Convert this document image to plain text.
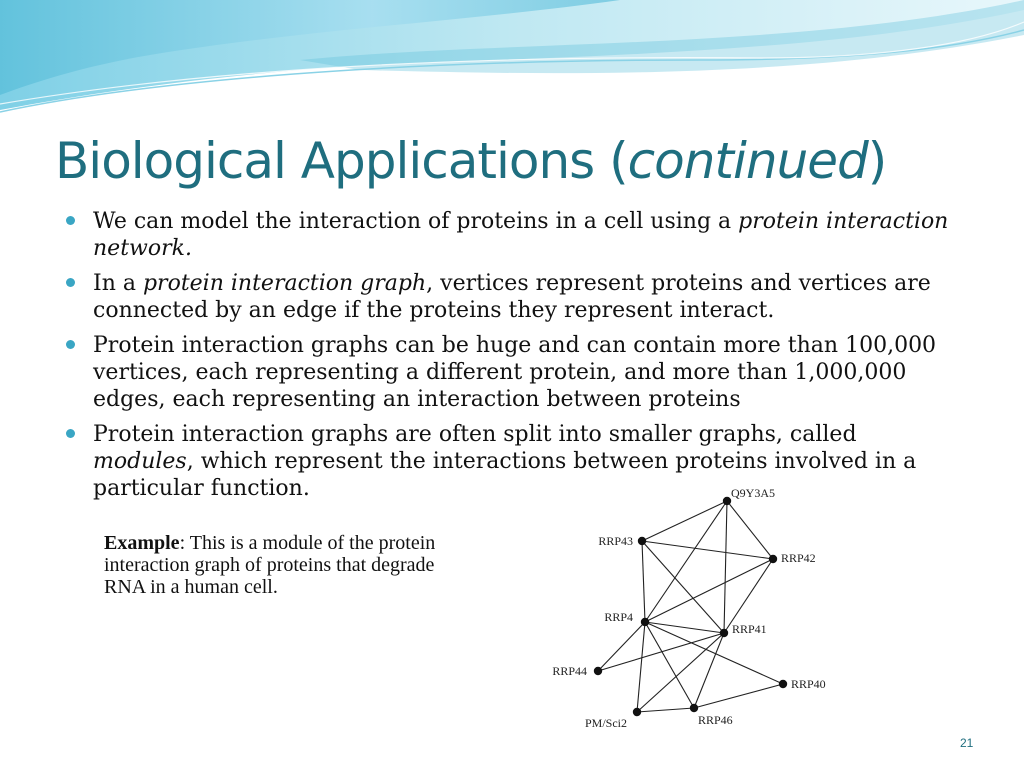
Biological Applications (continued)
We can model the interaction of proteins in a cell using a protein interaction network.
In a protein interaction graph, vertices represent proteins and vertices are connected by an edge if the proteins they represent interact.
Protein interaction graphs can be huge and can contain more than 100,000 vertices, each representing a different protein, and more than 1,000,000 edges, each representing an interaction between proteins
Protein interaction graphs are often split into smaller graphs, called modules, which represent the interactions between proteins involved in a particular function.
Example: This is a module of the protein interaction graph of proteins that degrade RNA in a human cell.
Q9Y3A5
RRP43
RRP42
RRP4
RRP41
RRP44
RRP40
PM/Sci2	RRP46
21
